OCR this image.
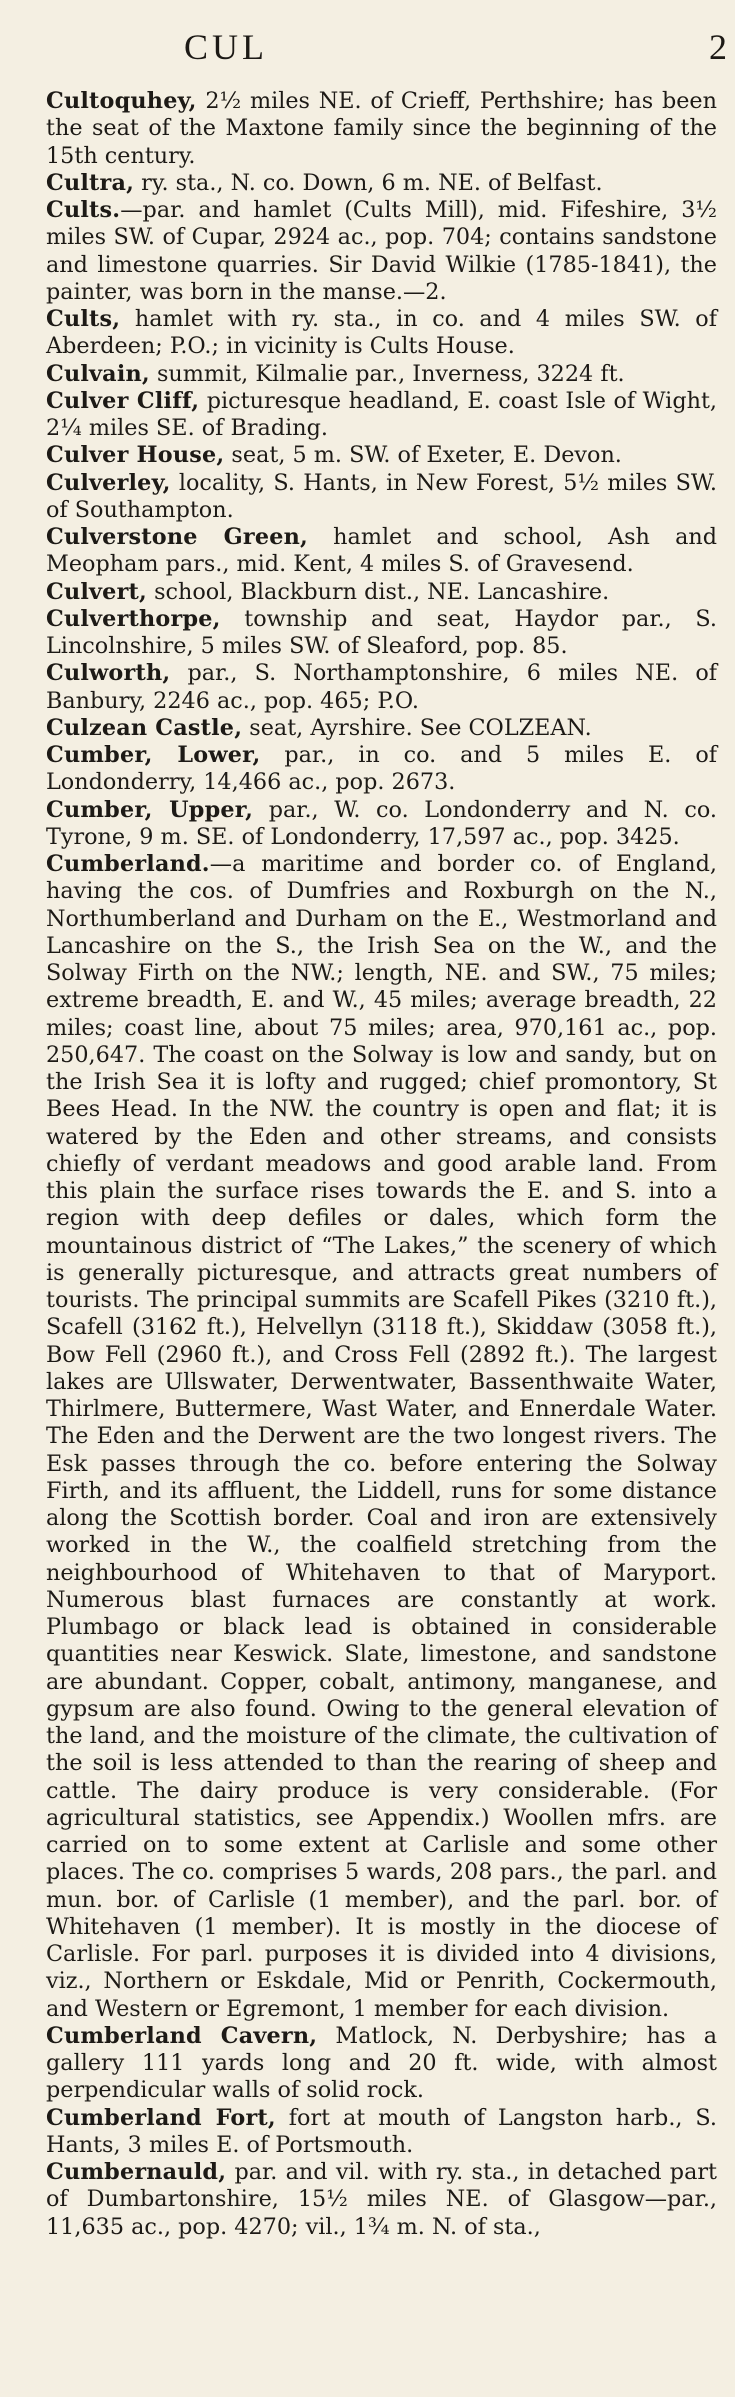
CUL	2

Cultoquhey, 2½ miles NE. of Crieff, Perthshire; has been the seat of the Maxtone family since the beginning of the 15th century.

Cultra, ry. sta., N. co. Down, 6 m. NE. of Belfast.

Cults.—par. and hamlet (Cults Mill), mid. Fifeshire, 3½ miles SW. of Cupar, 2924 ac., pop. 704; contains sandstone and limestone quarries. Sir David Wilkie (1785-1841), the painter, was born in the manse.—2.

Cults, hamlet with ry. sta., in co. and 4 miles SW. of Aberdeen; P.O.; in vicinity is Cults House.

Culvain, summit, Kilmalie par., Inverness, 3224 ft.

Culver Cliff, picturesque headland, E. coast Isle of Wight, 2¼ miles SE. of Brading.

Culver House, seat, 5 m. SW. of Exeter, E. Devon.

Culverley, locality, S. Hants, in New Forest, 5½ miles SW. of Southampton.

Culverstone Green, hamlet and school, Ash and Meopham pars., mid. Kent, 4 miles S. of Gravesend.

Culvert, school, Blackburn dist., NE. Lancashire.

Culverthorpe, township and seat, Haydor par., S. Lincolnshire, 5 miles SW. of Sleaford, pop. 85.

Culworth, par., S. Northamptonshire, 6 miles NE. of Banbury, 2246 ac., pop. 465; P.O.

Culzean Castle, seat, Ayrshire. See COLZEAN.

Cumber, Lower, par., in co. and 5 miles E. of Londonderry, 14,466 ac., pop. 2673.

Cumber, Upper, par., W. co. Londonderry and N. co. Tyrone, 9 m. SE. of Londonderry, 17,597 ac., pop. 3425.

Cumberland.—a maritime and border co. of England, having the cos. of Dumfries and Roxburgh on the N., Northumberland and Durham on the E., Westmorland and Lancashire on the S., the Irish Sea on the W., and the Solway Firth on the NW.; length, NE. and SW., 75 miles; extreme breadth, E. and W., 45 miles; average breadth, 22 miles; coast line, about 75 miles; area, 970,161 ac., pop. 250,647. The coast on the Solway is low and sandy, but on the Irish Sea it is lofty and rugged; chief promontory, St Bees Head. In the NW. the country is open and flat; it is watered by the Eden and other streams, and consists chiefly of verdant meadows and good arable land. From this plain the surface rises towards the E. and S. into a region with deep defiles or dales, which form the mountainous district of “The Lakes,” the scenery of which is generally picturesque, and attracts great numbers of tourists. The principal summits are Scafell Pikes (3210 ft.), Scafell (3162 ft.), Helvellyn (3118 ft.), Skiddaw (3058 ft.), Bow Fell (2960 ft.), and Cross Fell (2892 ft.). The largest lakes are Ullswater, Derwentwater, Bassenthwaite Water, Thirlmere, Buttermere, Wast Water, and Ennerdale Water. The Eden and the Derwent are the two longest rivers. The Esk passes through the co. before entering the Solway Firth, and its affluent, the Liddell, runs for some distance along the Scottish border. Coal and iron are extensively worked in the W., the coalfield stretching from the neighbourhood of Whitehaven to that of Maryport. Numerous blast furnaces are constantly at work. Plumbago or black lead is obtained in considerable quantities near Keswick. Slate, limestone, and sandstone are abundant. Copper, cobalt, antimony, manganese, and gypsum are also found. Owing to the general elevation of the land, and the moisture of the climate, the cultivation of the soil is less attended to than the rearing of sheep and cattle. The dairy produce is very considerable. (For agricultural statistics, see Appendix.) Woollen mfrs. are carried on to some extent at Carlisle and some other places. The co. comprises 5 wards, 208 pars., the parl. and mun. bor. of Carlisle (1 member), and the parl. bor. of Whitehaven (1 member). It is mostly in the diocese of Carlisle. For parl. purposes it is divided into 4 divisions, viz., Northern or Eskdale, Mid or Penrith, Cockermouth, and Western or Egremont, 1 member for each division.

Cumberland Cavern, Matlock, N. Derbyshire; has a gallery 111 yards long and 20 ft. wide, with almost perpendicular walls of solid rock.

Cumberland Fort, fort at mouth of Langston harb., S. Hants, 3 miles E. of Portsmouth.

Cumbernauld, par. and vil. with ry. sta., in detached part of Dumbartonshire, 15½ miles NE. of Glasgow—par., 11,635 ac., pop. 4270; vil., 1¾ m. N. of sta.,
